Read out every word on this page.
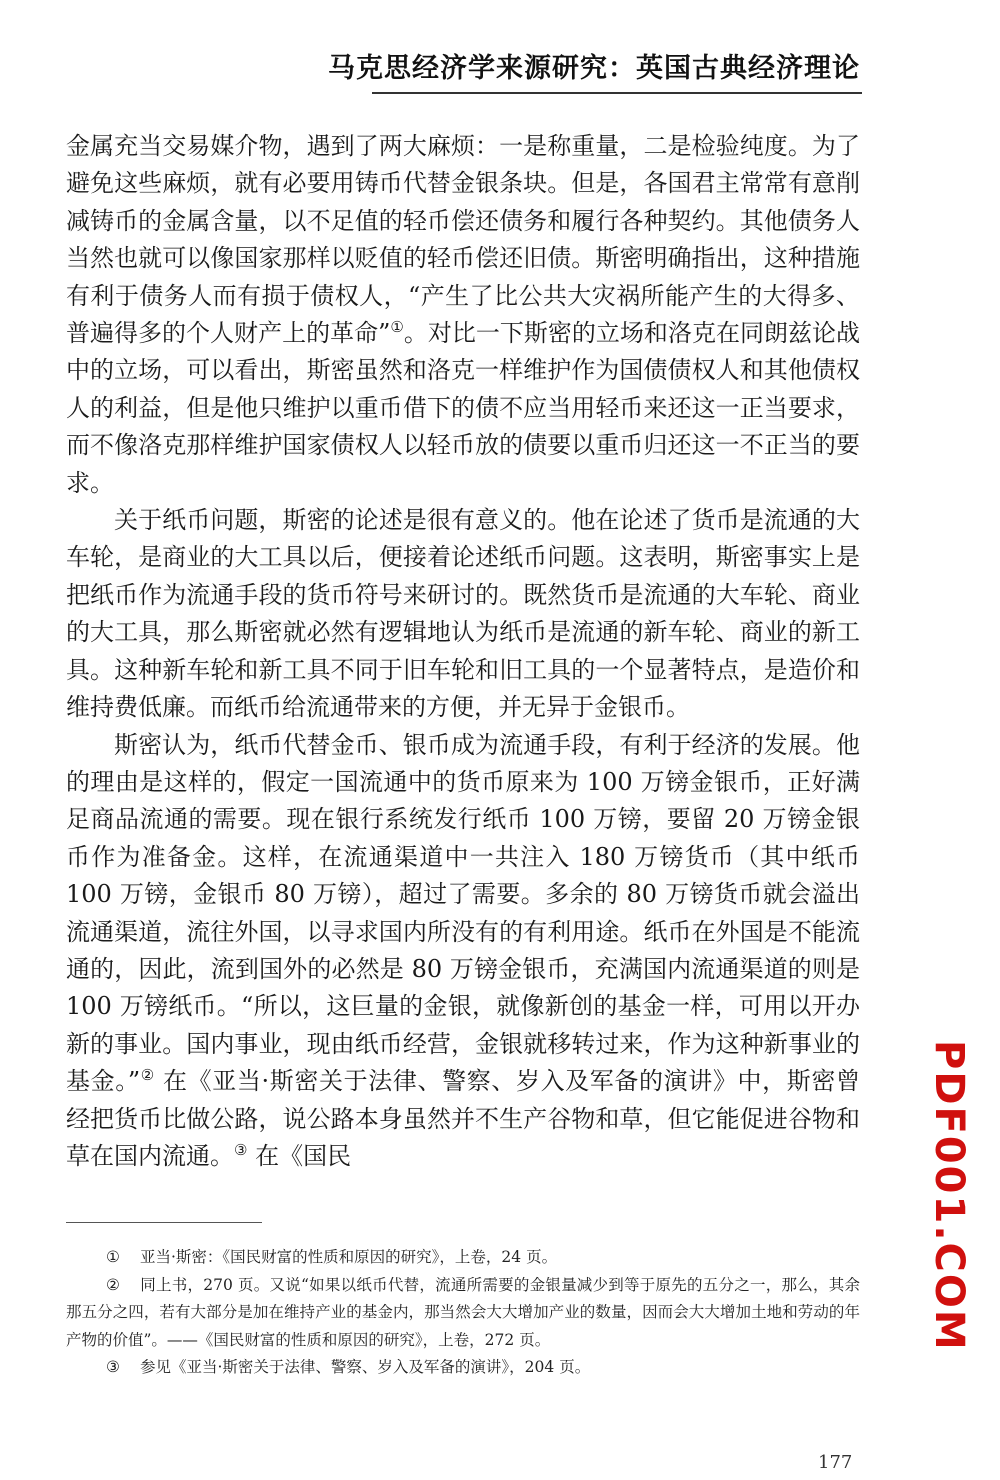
马克思经济学来源研究：英国古典经济理论

金属充当交易媒介物，遇到了两大麻烦：一是称重量，二是检验纯度。为了避免这些麻烦，就有必要用铸币代替金银条块。但是，各国君主常常有意削减铸币的金属含量，以不足值的轻币偿还债务和履行各种契约。其他债务人当然也就可以像国家那样以贬值的轻币偿还旧债。斯密明确指出，这种措施有利于债务人而有损于债权人，“产生了比公共大灾祸所能产生的大得多、普遍得多的个人财产上的革命”①。对比一下斯密的立场和洛克在同朗兹论战中的立场，可以看出，斯密虽然和洛克一样维护作为国债债权人和其他债权人的利益，但是他只维护以重币借下的债不应当用轻币来还这一正当要求，而不像洛克那样维护国家债权人以轻币放的债要以重币归还这一不正当的要求。

关于纸币问题，斯密的论述是很有意义的。他在论述了货币是流通的大车轮，是商业的大工具以后，便接着论述纸币问题。这表明，斯密事实上是把纸币作为流通手段的货币符号来研讨的。既然货币是流通的大车轮、商业的大工具，那么斯密就必然有逻辑地认为纸币是流通的新车轮、商业的新工具。这种新车轮和新工具不同于旧车轮和旧工具的一个显著特点，是造价和维持费低廉。而纸币给流通带来的方便，并无异于金银币。

斯密认为，纸币代替金币、银币成为流通手段，有利于经济的发展。他的理由是这样的，假定一国流通中的货币原来为 100 万镑金银币，正好满足商品流通的需要。现在银行系统发行纸币 100 万镑，要留 20 万镑金银币作为准备金。这样，在流通渠道中一共注入 180 万镑货币（其中纸币 100 万镑，金银币 80 万镑），超过了需要。多余的 80 万镑货币就会溢出流通渠道，流往外国，以寻求国内所没有的有利用途。纸币在外国是不能流通的，因此，流到国外的必然是 80 万镑金银币，充满国内流通渠道的则是 100 万镑纸币。“所以，这巨量的金银，就像新创的基金一样，可用以开办新的事业。国内事业，现由纸币经营，金银就移转过来，作为这种新事业的基金。”② 在《亚当·斯密关于法律、警察、岁入及军备的演讲》中，斯密曾经把货币比做公路，说公路本身虽然并不生产谷物和草，但它能促进谷物和草在国内流通。③ 在《国民

① 亚当·斯密：《国民财富的性质和原因的研究》，上卷，24 页。

② 同上书，270 页。又说“如果以纸币代替，流通所需要的金银量减少到等于原先的五分之一，那么，其余那五分之四，若有大部分是加在维持产业的基金内，那当然会大大增加产业的数量，因而会大大增加土地和劳动的年产物的价值”。——《国民财富的性质和原因的研究》，上卷，272 页。

③ 参见《亚当·斯密关于法律、警察、岁入及军备的演讲》，204 页。

177
PDF001.COM
